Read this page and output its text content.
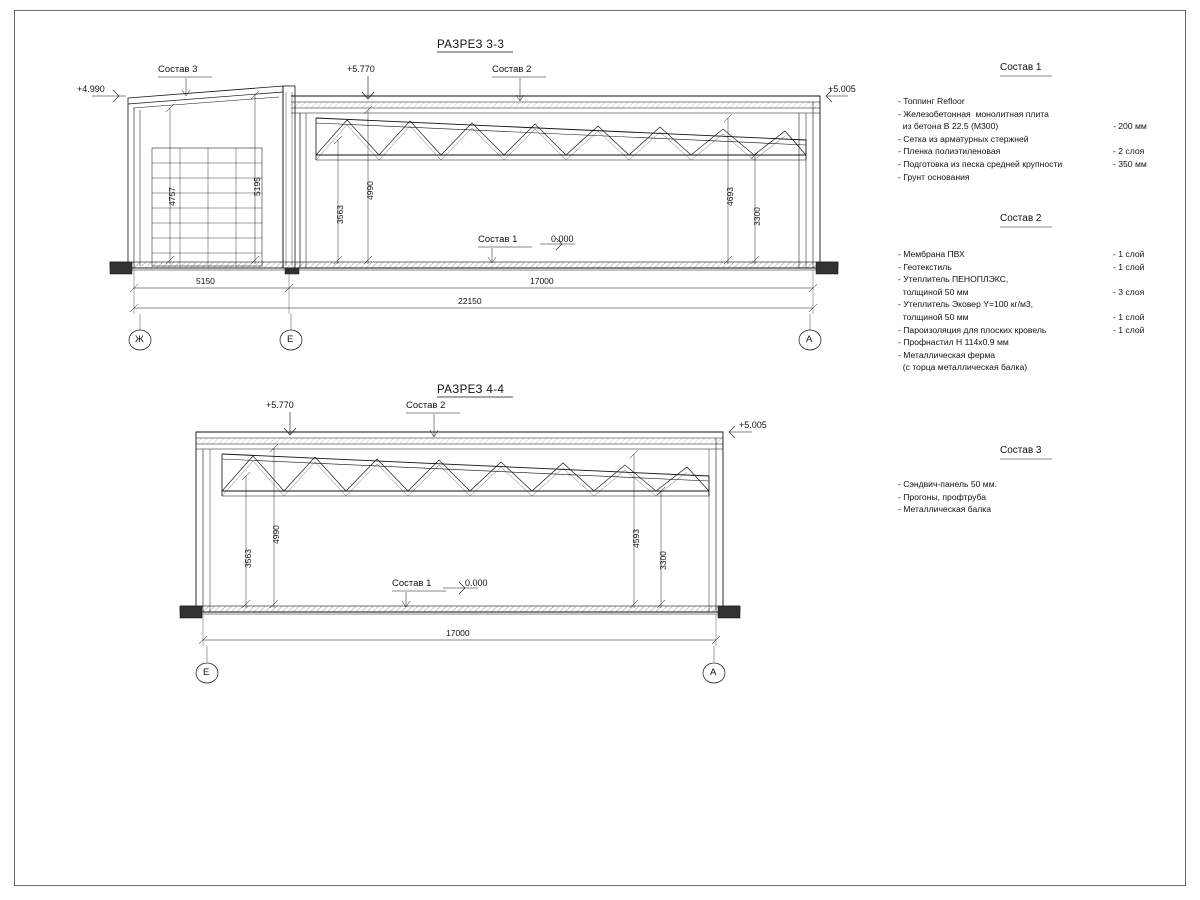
РАЗРЕЗ 3-3
+4.990
+5.770
+5.005
0.000
Состав 3	Состав 2
Состав 1
4757
5195
3563
4990	4693
3300
5150	17000
22150
Ж	Е	А
РАЗРЕЗ 4-4
+5.770
+5.005
0.000
Состав 2
Состав 1
3563
4990	4593
3300
17000
Е	А
Состав 1
Состав 2
Состав 3
- Топпинг Refloor
- Железобетонная  монолитная плита
из бетона В 22.5 (М300)	- 200 мм
- Сетка из арматурных стержней
- Пленка полиэтиленовая	- 2 слоя
- Подготовка из песка средней крупности	- 350 мм
- Грунт основания
- Мембрана ПВХ	- 1 слой
- Геотекстиль	- 1 слой
- Утеплитель ПЕНОПЛЭКС,
толщиной 50 мм	- 3 слоя
- Утеплитель Эковер Y=100 кг/м3,
толщиной 50 мм	- 1 слой
- Пароизоляция для плоских кровель	- 1 слой
- Профнастил Н 114х0.9 мм
- Металлическая ферма
(с торца металлическая балка)
- Сэндвич-панель 50 мм.
- Прогоны, профтруба
- Металлическая балка
